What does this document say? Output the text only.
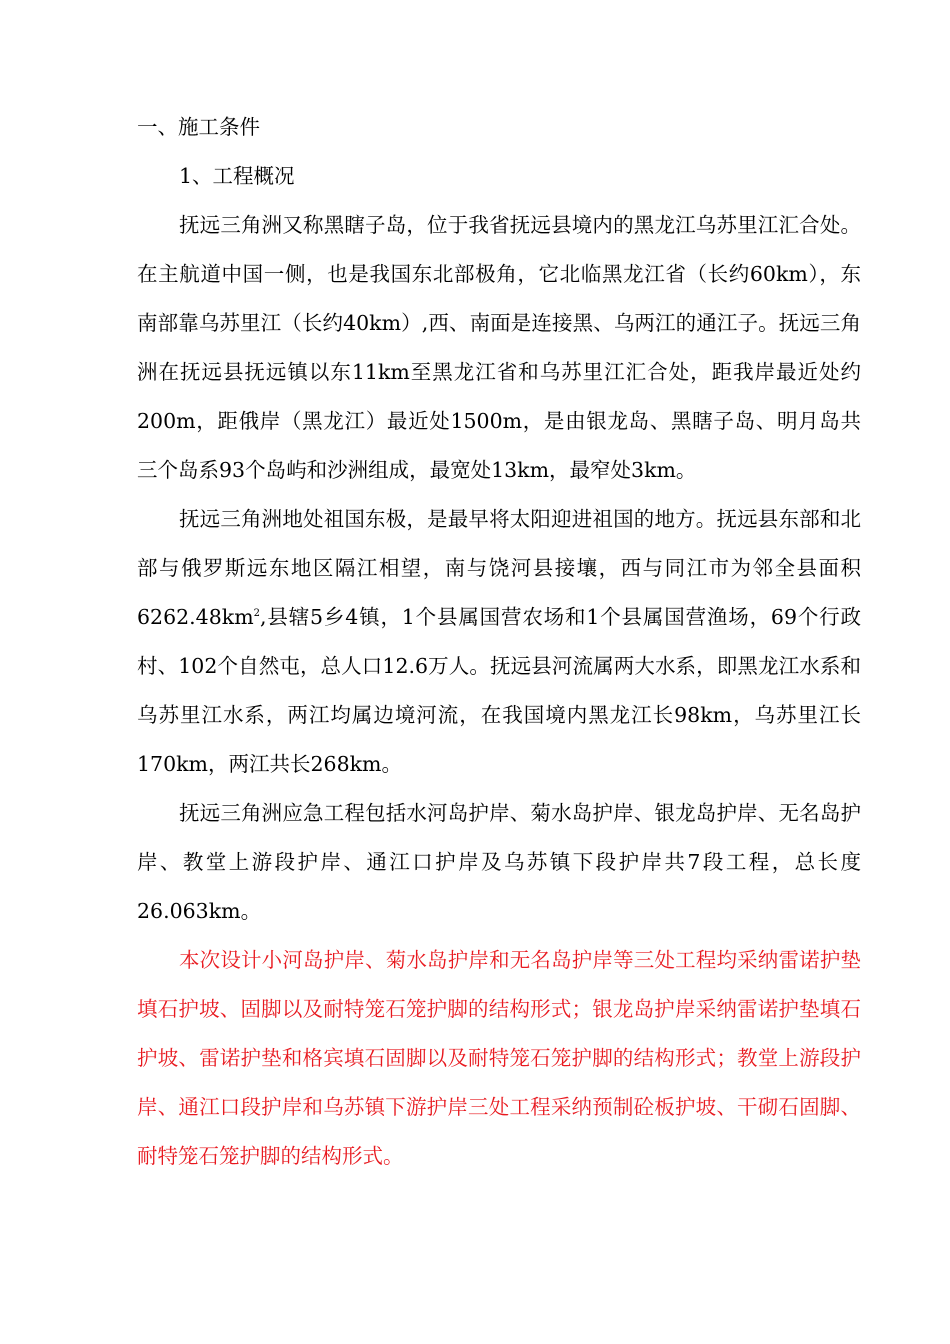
一、施工条件

1、工程概况

抚远三角洲又称黑瞎子岛，位于我省抚远县境内的黑龙江乌苏里江汇合处。在主航道中国一侧，也是我国东北部极角，它北临黑龙江省（长约60km），东南部靠乌苏里江（长约40km）,西、南面是连接黑、乌两江的通江子。抚远三角洲在抚远县抚远镇以东11km至黑龙江省和乌苏里江汇合处，距我岸最近处约200m，距俄岸（黑龙江）最近处1500m，是由银龙岛、黑瞎子岛、明月岛共三个岛系93个岛屿和沙洲组成，最宽处13km，最窄处3km。

抚远三角洲地处祖国东极，是最早将太阳迎进祖国的地方。抚远县东部和北部与俄罗斯远东地区隔江相望，南与饶河县接壤，西与同江市为邻全县面积$6262.48km^2$,县辖5乡4镇，1个县属国营农场和1个县属国营渔场，69个行政村、102个自然屯，总人口12.6万人。抚远县河流属两大水系，即黑龙江水系和乌苏里江水系，两江均属边境河流，在我国境内黑龙江长98km，乌苏里江长170km，两江共长268km。

抚远三角洲应急工程包括水河岛护岸、菊水岛护岸、银龙岛护岸、无名岛护岸、教堂上游段护岸、通江口护岸及乌苏镇下段护岸共7段工程，总长度26.063km。

本次设计小河岛护岸、菊水岛护岸和无名岛护岸等三处工程均采纳雷诺护垫填石护坡、固脚以及耐特笼石笼护脚的结构形式；银龙岛护岸采纳雷诺护垫填石护坡、雷诺护垫和格宾填石固脚以及耐特笼石笼护脚的结构形式；教堂上游段护岸、通江口段护岸和乌苏镇下游护岸三处工程采纳预制砼板护坡、干砌石固脚、耐特笼石笼护脚的结构形式。
